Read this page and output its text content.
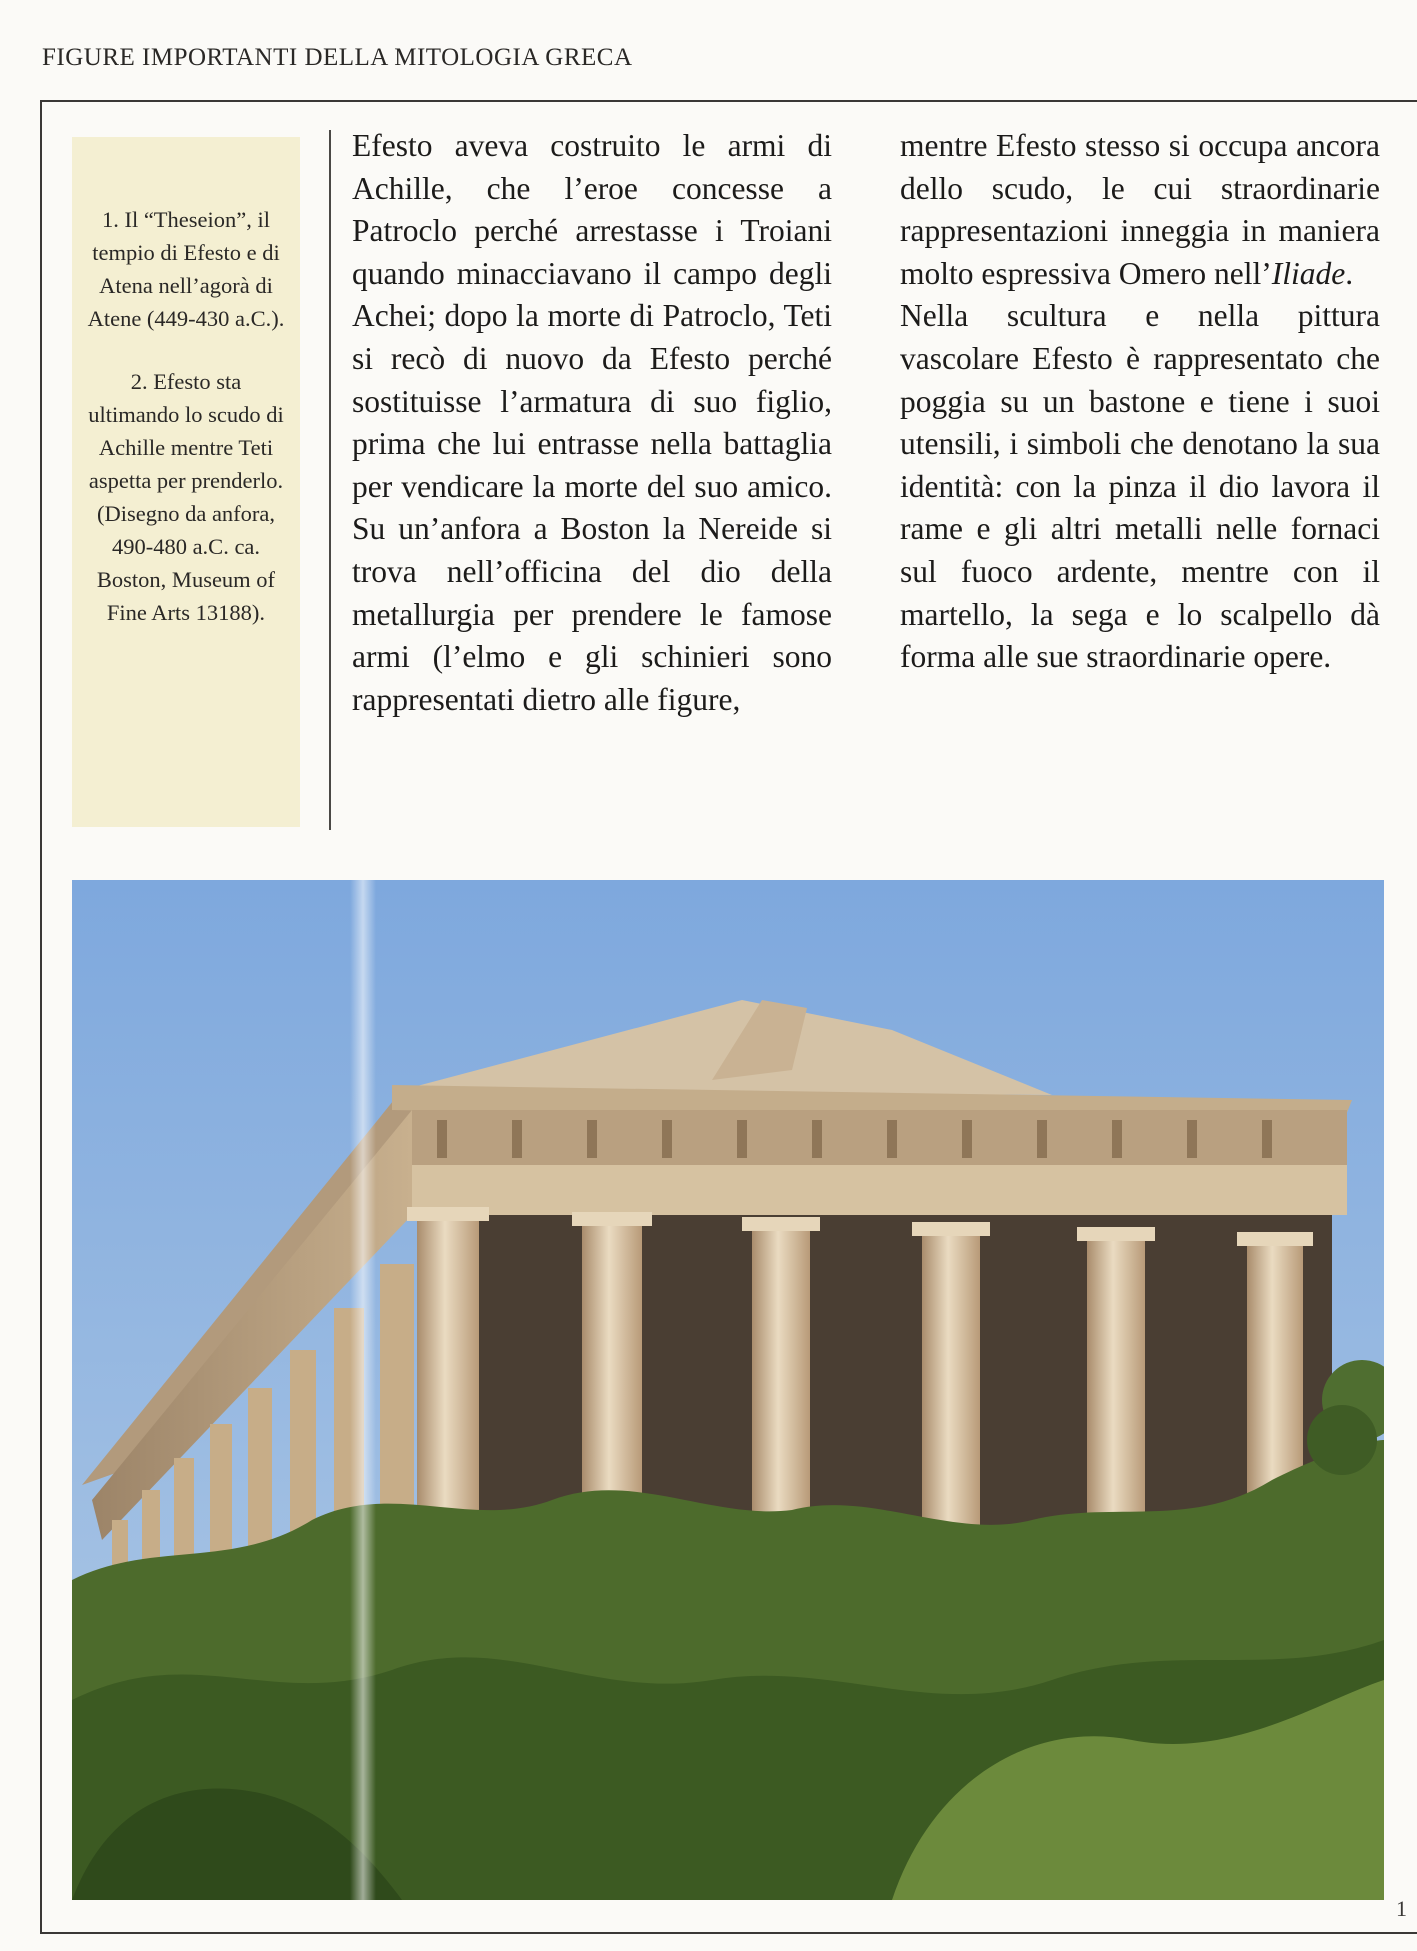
FIGURE IMPORTANTI DELLA MITOLOGIA GRECA

1. Il “Theseion”, il tempio di Efesto e di Atena nell’agorà di Atene (449-430 a.C.).

2. Efesto sta ultimando lo scudo di Achille mentre Teti aspetta per prenderlo. (Disegno da anfora, 490-480 a.C. ca. Boston, Museum of Fine Arts 13188).

Efesto aveva costruito le armi di Achille, che l’eroe concesse a Patroclo perché arrestasse i Troiani quando minacciavano il campo degli Achei; dopo la morte di Patroclo, Teti si recò di nuovo da Efesto perché sostituisse l’armatura di suo figlio, prima che lui entrasse nella battaglia per vendicare la morte del suo amico. Su un’anfora a Boston la Nereide si trova nell’officina del dio della metallurgia per prendere le famose armi (l’elmo e gli schinieri sono rappresentati dietro alle figure,

mentre Efesto stesso si occupa ancora dello scudo, le cui straordinarie rappresentazioni inneggia in maniera molto espressiva Omero nell’Iliade.

Nella scultura e nella pittura vascolare Efesto è rappresentato che poggia su un bastone e tiene i suoi utensili, i simboli che denotano la sua identità: con la pinza il dio lavora il rame e gli altri metalli nelle fornaci sul fuoco ardente, mentre con il martello, la sega e lo scalpello dà forma alle sue straordinarie opere.

1
